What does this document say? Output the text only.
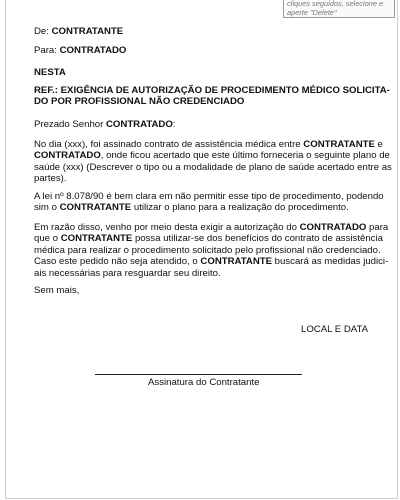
cliques seguidos, selecione e
aperte "Delete"
De: CONTRATANTE
Para: CONTRATADO
NESTA
REF.: EXIGÊNCIA DE AUTORIZAÇÃO DE PROCEDIMENTO MÉDICO SOLICITA-
DO POR PROFISSIONAL NÃO CREDENCIADO
Prezado Senhor CONTRATADO:
No dia (xxx), foi assinado contrato de assistência médica entre CONTRATANTE e
CONTRATADO, onde ficou acertado que este último forneceria o seguinte plano de
saúde (xxx) (Descrever o tipo ou a modalidade de plano de saúde acertado entre as
partes).
A lei nº 8.078/90 é bem clara em não permitir esse tipo de procedimento, podendo
sim o CONTRATANTE utilizar o plano para a realização do procedimento.
Em razão disso, venho por meio desta exigir a autorização do CONTRATADO para
que o CONTRATANTE possa utilizar-se dos benefícios do contrato de assistência
médica para realizar o procedimento solicitado pelo profissional não credenciado.
Caso este pedido não seja atendido, o CONTRATANTE buscará as medidas judici-
ais necessárias para resguardar seu direito.
Sem mais,
LOCAL E DATA
Assinatura do Contratante
